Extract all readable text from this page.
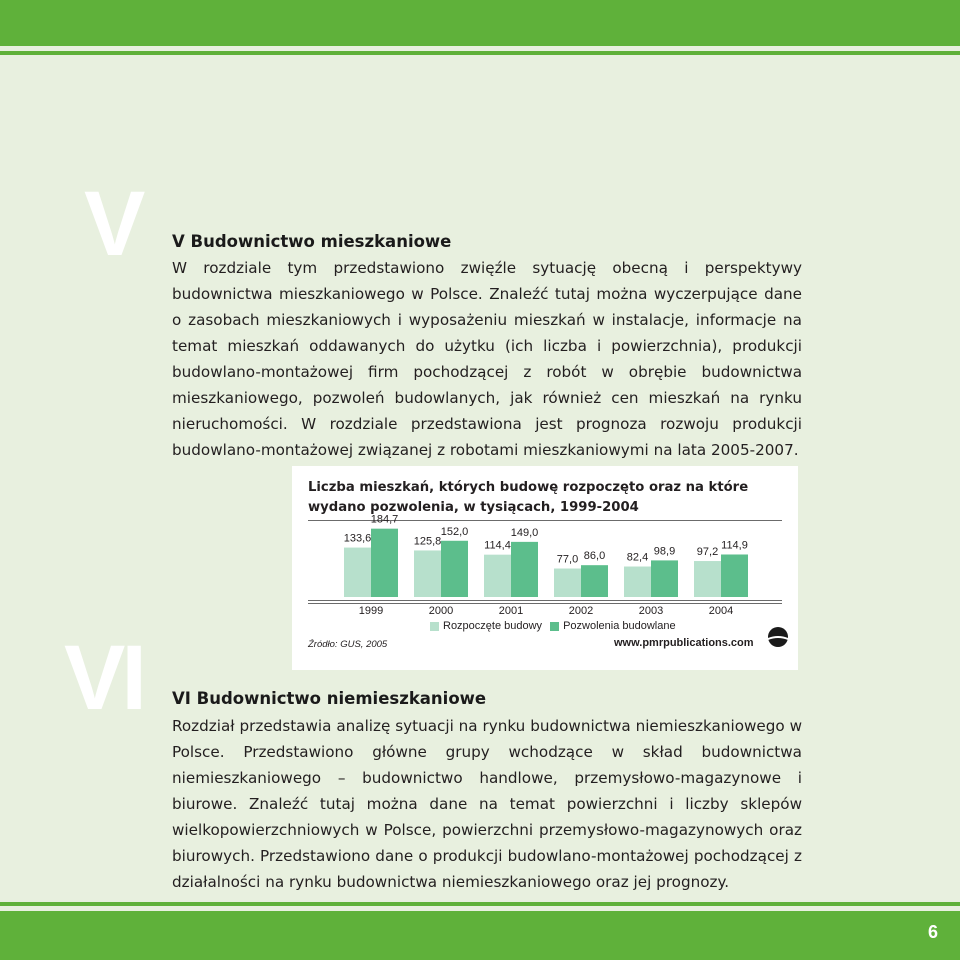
V V Budownictwo mieszkaniowe

W rozdziale tym przedstawiono zwięźle sytuację obecną i perspektywy budownictwa mieszkaniowego w Polsce. Znaleźć tutaj można wyczerpujące dane o zasobach mieszkaniowych i wyposażeniu mieszkań w instalacje, informacje na temat mieszkań oddawanych do użytku (ich liczba i powierzchnia), produkcji budowlano-montażowej firm pochodzącej z robót w obrębie budownictwa mieszkaniowego, pozwoleń budowlanych, jak również cen mieszkań na rynku nieruchomości. W rozdziale przedstawiona jest prognoza rozwoju produkcji budowlano-montażowej związanej z robotami mieszkaniowymi na lata 2005-2007.

Liczba mieszkań, których budowę rozpoczęto oraz na które wydano pozwolenia, w tysiącach, 1999-2004

133,6
184,7
1999
125,8
152,0
2000
114,4
149,0
2001
77,0 86,0
2002
82,4
98,9
2003
97,2
114,9
2004
Rozpoczęte budowy Pozwolenia budowlane
Źródło: GUS, 2005	www.pmrpublications.com
VI VI Budownictwo niemieszkaniowe

Rozdział przedstawia analizę sytuacji na rynku budownictwa niemieszkaniowego w Polsce. Przedstawiono główne grupy wchodzące w skład budownictwa niemieszkaniowego – budownictwo handlowe, przemysłowo-magazynowe i biurowe. Znaleźć tutaj można dane na temat powierzchni i liczby sklepów wielkopowierzchniowych w Polsce, powierzchni przemysłowo-magazynowych oraz biurowych. Przedstawiono dane o produkcji budowlano-montażowej pochodzącej z działalności na rynku budownictwa niemieszkaniowego oraz jej prognozy.

6
